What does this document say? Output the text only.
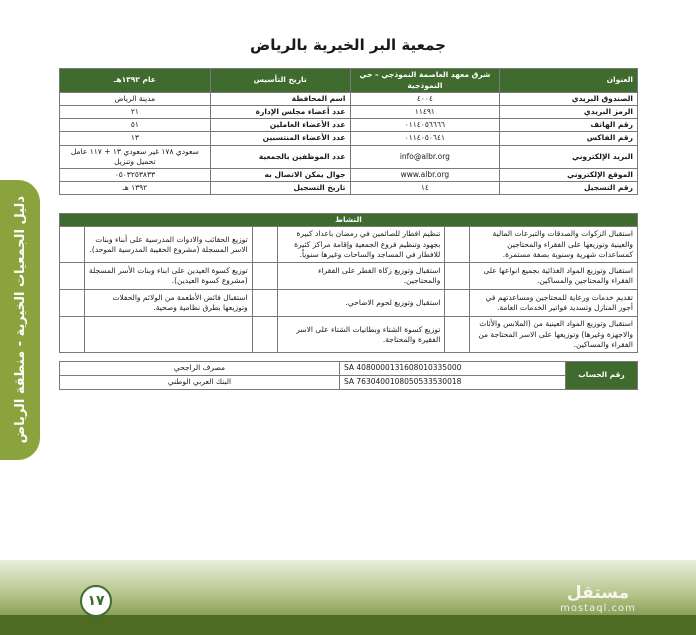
دليل الجمعيات الخيرية - منطقة الرياض
جمعية البر الخيرية بالرياض
العنوان	شرق معهد العاصمة النموذجي – حي النموذجية	تاريخ التأسيس	عام ١٣٩٢هـ
الصندوق البريدي	٤٠٠٤	اسم المحافظة	مدينة الرياض
الرمز البريدي	١١٤٩١	عدد أعضاء مجلس الإدارة	٢١
رقم الهاتف	٠١١٤٠٥٦٦٦٦	عدد الأعضاء العاملين	٥١
رقم الفاكس	٠١١٤٠٥٠٦٤١	عدد الأعضاء المنتسبين	١٣
البريد الإلكتروني	info@albr.org	عدد الموظفين بالجمعية	سعودي ١٧٨ غير سعودي ١٣ + ١١٧ عامل تحميل وتنزيل
الموقع الإلكتروني	www.albr.org	جوال يمكن الاتصال به	٠٥٠٣٢٥٣٨٣٣
رقم التسجيل	١٤	تاريخ التسجيل	١٣٩٢ هـ
النشاط					
استقبال الزكوات والصدقات والتبرعات المالية والعينية وتوزيعها على الفقراء والمحتاجين كمساعدات شهرية وسنوية بصفة مستمرة.		تنظيم افطار للصائمين في رمضان باعداد كبيرة بجهود وتنظيم فروع الجمعية وإقامة مراكز كثيرة للافطار في المساجد والساحات وغيرها سنوياً.		توزيع الحقائب والادوات المدرسية على أبناء وبنات الاسر المسجلة (مشروع الحقيبة المدرسية الموحد).	
استقبال وتوزيع المواد الغذائية بجميع انواعها على الفقراء والمحتاجين والمساكين.		استقبال وتوزيع زكاة الفطر على الفقراء والمحتاجين.		توزيع كسوة العيدين على ابناء وبنات الأسر المسجلة (مشروع كسوة العيدين).	
تقديم خدمات ورعاية للمحتاجين ومساعدتهم في أجور المنازل وتسديد فواتير الخدمات العامة.		استقبال وتوزيع لحوم الاضاحي.		استقبال فائض الأطعمة من الولائم والحفلات وتوزيعها بطرق نظامية وصحية.	
استقبال وتوزيع المواد العينية من (الملابس والأثاث والاجهزة وغيرها) وتوزيعها على الاسر المحتاجة من الفقراء والمساكين.		توزيع كسوة الشتاء وبطانيات الشتاء على الاسر الفقيرة والمحتاجة.			
رقم الحساب	SA 4080000131608010335000	مصرف الراجحي
	SA 7630400108050533530018	البنك العربي الوطني
١٧	مستقل
mostaql.com
